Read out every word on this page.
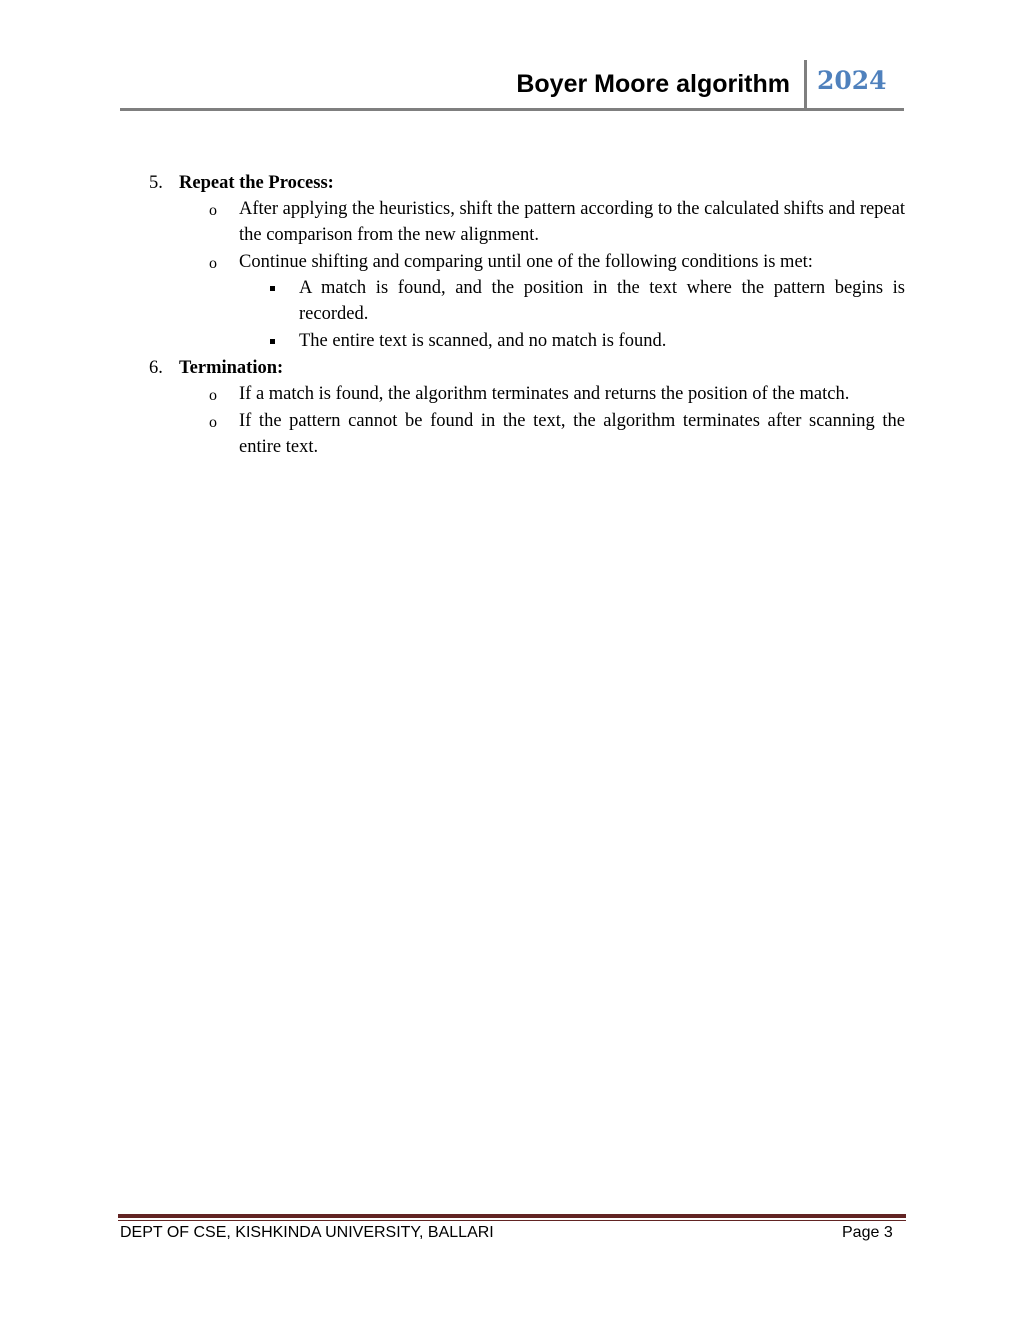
Boyer Moore algorithm 2024
5. Repeat the Process:
o After applying the heuristics, shift the pattern according to the calculated shifts and repeat the comparison from the new alignment.
o Continue shifting and comparing until one of the following conditions is met:
A match is found, and the position in the text where the pattern begins is recorded.
The entire text is scanned, and no match is found.
6. Termination:
o If a match is found, the algorithm terminates and returns the position of the match.
o If the pattern cannot be found in the text, the algorithm terminates after scanning the entire text.
DEPT OF CSE, KISHKINDA UNIVERSITY, BALLARI	Page 3
